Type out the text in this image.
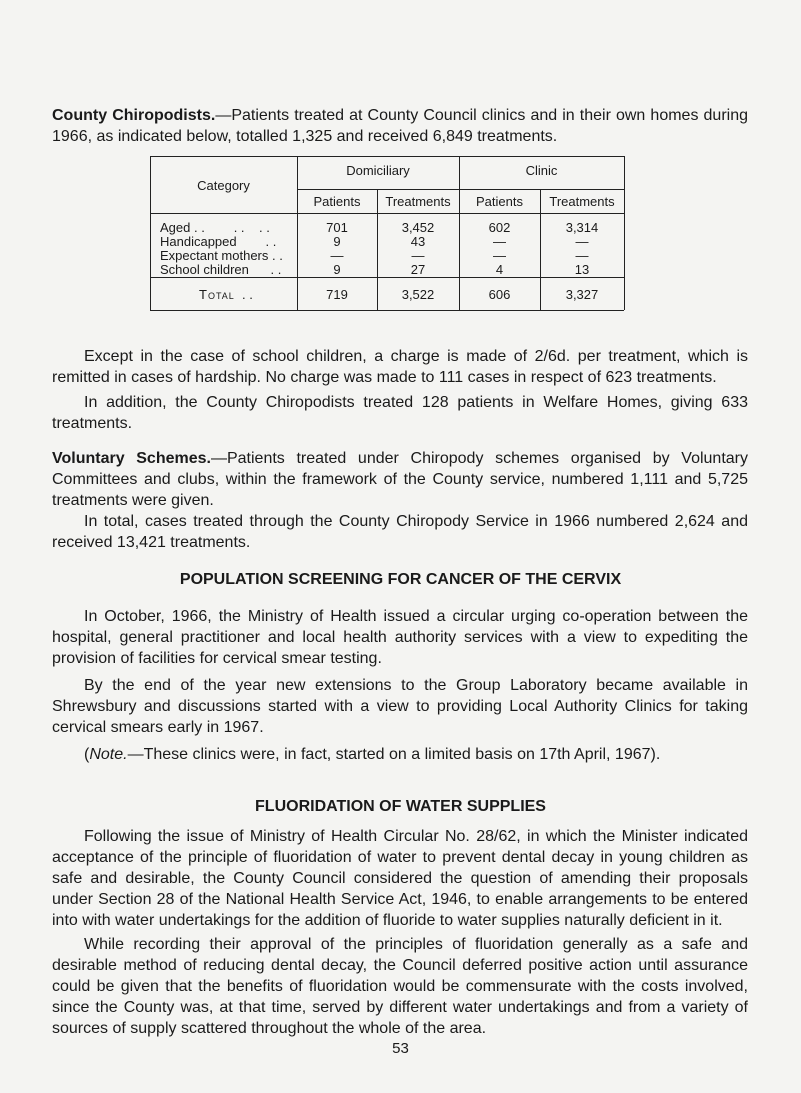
County Chiropodists.—Patients treated at County Council clinics and in their own homes during 1966, as indicated below, totalled 1,325 and received 6,849 treatments.

Category
Domiciliary	Clinic
Patients	Treatments	Patients	Treatments
Aged . .        . .    . .	701	3,452	602	3,314
Handicapped        . .	9	43	—	—
Expectant mothers . .	—	—	—	—
School children      . .	9	27	4	13
Total . .	719	3,522	606	3,327

Except in the case of school children, a charge is made of 2/6d. per treatment, which is remitted in cases of hardship. No charge was made to 111 cases in respect of 623 treatments.

In addition, the County Chiropodists treated 128 patients in Welfare Homes, giving 633 treatments.

Voluntary Schemes.—Patients treated under Chiropody schemes organised by Voluntary Committees and clubs, within the framework of the County service, numbered 1,111 and 5,725 treatments were given.

In total, cases treated through the County Chiropody Service in 1966 numbered 2,624 and received 13,421 treatments.

POPULATION SCREENING FOR CANCER OF THE CERVIX

In October, 1966, the Ministry of Health issued a circular urging co-operation between the hospital, general practitioner and local health authority services with a view to expediting the provision of facilities for cervical smear testing.

By the end of the year new extensions to the Group Laboratory became available in Shrewsbury and discussions started with a view to providing Local Authority Clinics for taking cervical smears early in 1967.

(Note.—These clinics were, in fact, started on a limited basis on 17th April, 1967).

FLUORIDATION OF WATER SUPPLIES

Following the issue of Ministry of Health Circular No. 28/62, in which the Minister indicated acceptance of the principle of fluoridation of water to prevent dental decay in young children as safe and desirable, the County Council considered the question of amending their proposals under Section 28 of the National Health Service Act, 1946, to enable arrangements to be entered into with water undertakings for the addition of fluoride to water supplies naturally deficient in it.

While recording their approval of the principles of fluoridation generally as a safe and desirable method of reducing dental decay, the Council deferred positive action until assurance could be given that the benefits of fluoridation would be commensurate with the costs involved, since the County was, at that time, served by different water undertakings and from a variety of sources of supply scattered throughout the whole of the area.

53
